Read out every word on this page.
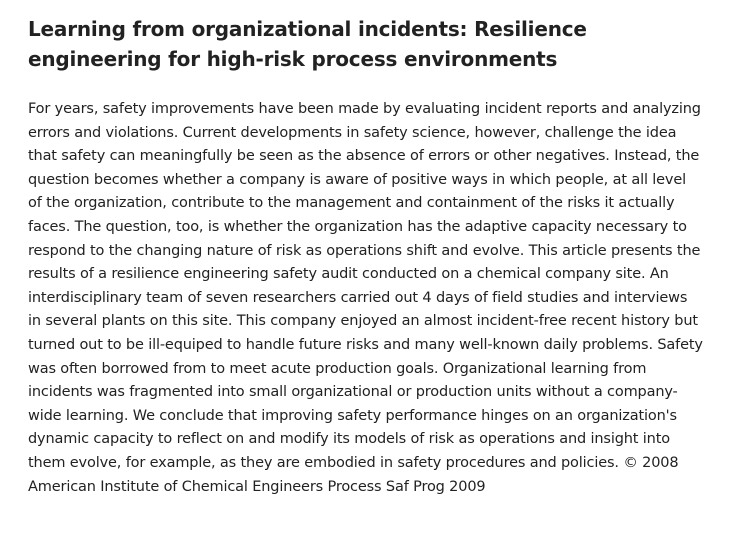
Learning from organizational incidents: Resilience engineering for high-risk process environments

For years, safety improvements have been made by evaluating incident reports and analyzing errors and violations. Current developments in safety science, however, challenge the idea that safety can meaningfully be seen as the absence of errors or other negatives. Instead, the question becomes whether a company is aware of positive ways in which people, at all level of the organization, contribute to the management and containment of the risks it actually faces. The question, too, is whether the organization has the adaptive capacity necessary to respond to the changing nature of risk as operations shift and evolve. This article presents the results of a resilience engineering safety audit conducted on a chemical company site. An interdisciplinary team of seven researchers carried out 4 days of field studies and interviews in several plants on this site. This company enjoyed an almost incident-free recent history but turned out to be ill-equiped to handle future risks and many well-known daily problems. Safety was often borrowed from to meet acute production goals. Organizational learning from incidents was fragmented into small organizational or production units without a company-wide learning. We conclude that improving safety performance hinges on an organization's dynamic capacity to reflect on and modify its models of risk as operations and insight into them evolve, for example, as they are embodied in safety procedures and policies. © 2008 American Institute of Chemical Engineers Process Saf Prog 2009
